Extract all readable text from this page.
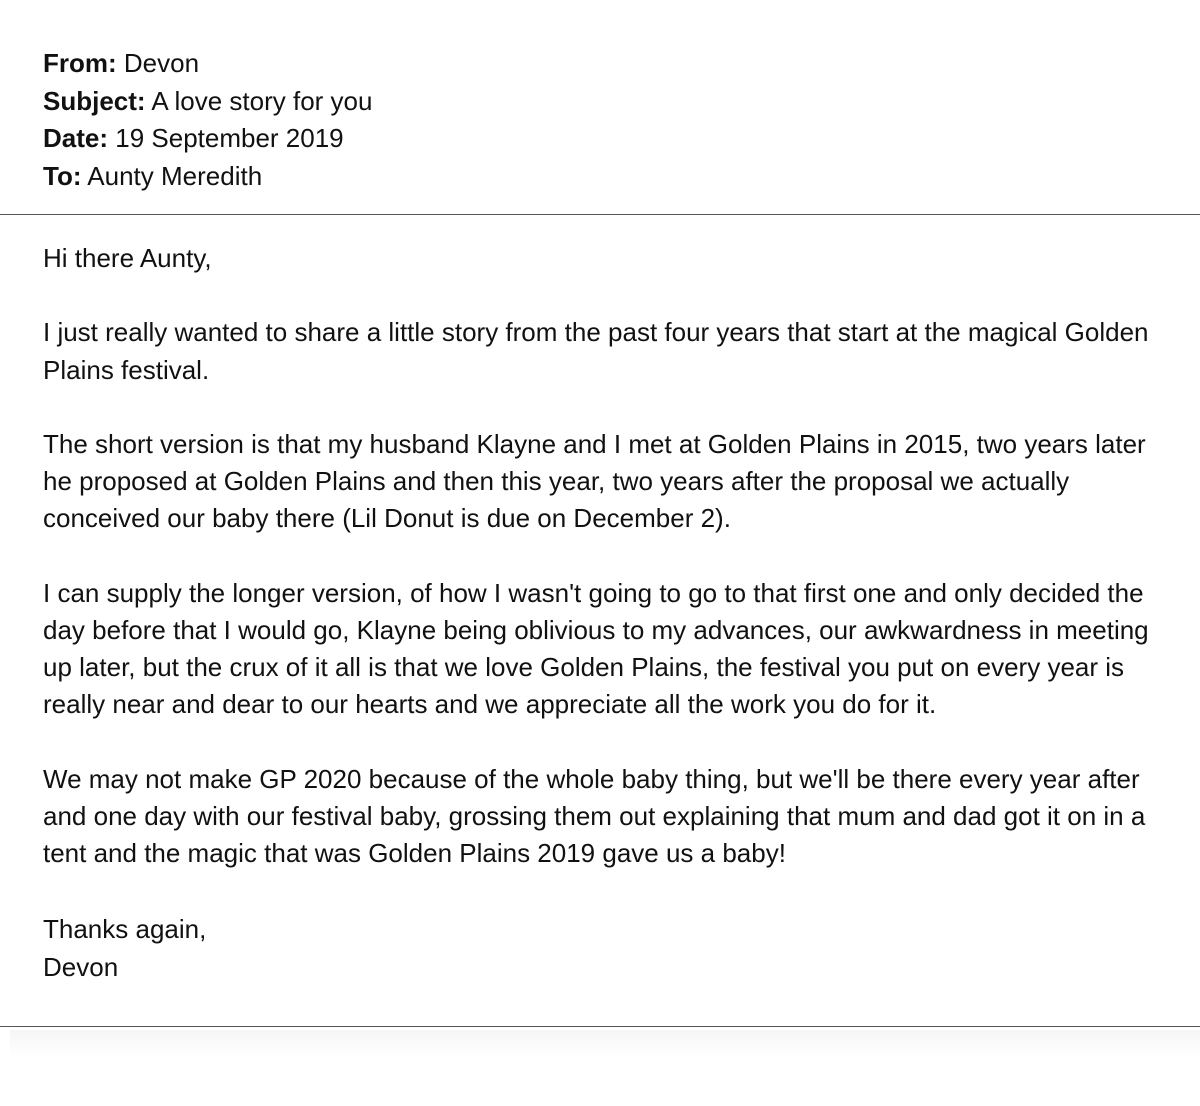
From: Devon
Subject: A love story for you
Date: 19 September 2019
To: Aunty Meredith

Hi there Aunty,

I just really wanted to share a little story from the past four years that start at the magical Golden Plains festival.

The short version is that my husband Klayne and I met at Golden Plains in 2015, two years later he proposed at Golden Plains and then this year, two years after the proposal we actually conceived our baby there (Lil Donut is due on December 2).

I can supply the longer version, of how I wasn't going to go to that first one and only decided the day before that I would go, Klayne being oblivious to my advances, our awkwardness in meeting up later, but the crux of it all is that we love Golden Plains, the festival you put on every year is really near and dear to our hearts and we appreciate all the work you do for it.

We may not make GP 2020 because of the whole baby thing, but we'll be there every year after and one day with our festival baby, grossing them out explaining that mum and dad got it on in a tent and the magic that was Golden Plains 2019 gave us a baby!

Thanks again,
Devon
